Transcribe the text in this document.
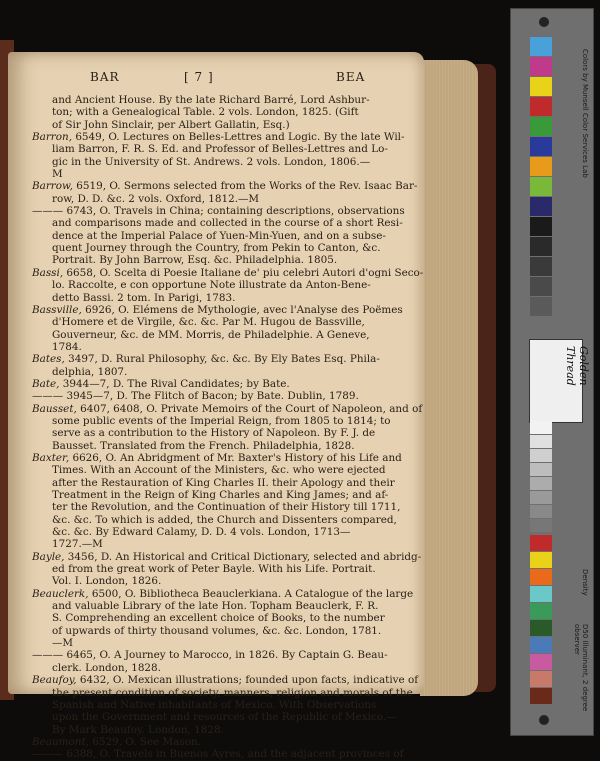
BAR	[ 7 ]	BEA
and Ancient House. By the late Richard Barré, Lord Ashbur-
ton; with a Genealogical Table. 2 vols. London, 1825. (Gift
of Sir John Sinclair, per Albert Gallatin, Esq.)
Barron, 6549, O. Lectures on Belles-Lettres and Logic. By the late Wil-
liam Barron, F. R. S. Ed. and Professor of Belles-Lettres and Lo-
gic in the University of St. Andrews. 2 vols. London, 1806.—
M
Barrow, 6519, O. Sermons selected from the Works of the Rev. Isaac Bar-
row, D. D. &c. 2 vols. Oxford, 1812.—M
——— 6743, O. Travels in China; containing descriptions, observations
and comparisons made and collected in the course of a short Resi-
dence at the Imperial Palace of Yuen-Min-Yuen, and on a subse-
quent Journey through the Country, from Pekin to Canton, &c.
Portrait. By John Barrow, Esq. &c. Philadelphia. 1805.
Bassi, 6658, O. Scelta di Poesie Italiane de' piu celebri Autori d'ogni Seco-
lo. Raccolte, e con opportune Note illustrate da Anton-Bene-
detto Bassi. 2 tom. In Parigi, 1783.
Bassville, 6926, O. Elémens de Mythologie, avec l'Analyse des Poëmes
d'Homere et de Virgile, &c. &c. Par M. Hugou de Bassville,
Gouverneur, &c. de MM. Morris, de Philadelphie. A Geneve,
1784.
Bates, 3497, D. Rural Philosophy, &c. &c. By Ely Bates Esq. Phila-
delphia, 1807.
Bate, 3944—7, D. The Rival Candidates; by Bate.
——— 3945—7, D. The Flitch of Bacon; by Bate. Dublin, 1789.
Bausset, 6407, 6408, O. Private Memoirs of the Court of Napoleon, and of
some public events of the Imperial Reign, from 1805 to 1814; to
serve as a contribution to the History of Napoleon. By F. J. de
Bausset. Translated from the French. Philadelphia, 1828.
Baxter, 6626, O. An Abridgment of Mr. Baxter's History of his Life and
Times. With an Account of the Ministers, &c. who were ejected
after the Restauration of King Charles II. their Apology and their
Treatment in the Reign of King Charles and King James; and af-
ter the Revolution, and the Continuation of their History till 1711,
&c. &c. To which is added, the Church and Dissenters compared,
&c. &c. By Edward Calamy, D. D. 4 vols. London, 1713—
1727.—M
Bayle, 3456, D. An Historical and Critical Dictionary, selected and abridg-
ed from the great work of Peter Bayle. With his Life. Portrait.
Vol. I. London, 1826.
Beauclerk, 6500, O. Bibliotheca Beauclerkiana. A Catalogue of the large
and valuable Library of the late Hon. Topham Beauclerk, F. R.
S. Comprehending an excellent choice of Books, to the number
of upwards of thirty thousand volumes, &c. &c. London, 1781.
—M
——— 6465, O. A Journey to Marocco, in 1826. By Captain G. Beau-
clerk. London, 1828.
Beaufoy, 6432, O. Mexican illustrations; founded upon facts, indicative of
the present condition of society, manners, religion and morals of the
Spanish and Native inhabitants of Mexico. With Observations
upon the Government and resources of the Republic of Mexico.—
By Mark Beaufoy. London, 1828.
Beaumont, 6529, O. See Mason.
——— 6388, O. Travels in Buenos Ayres, and the adjacent provinces of
Colors by Munsell Color Services Lab
Golden Thread
Density
D50 Illuminant, 2 degree observer
